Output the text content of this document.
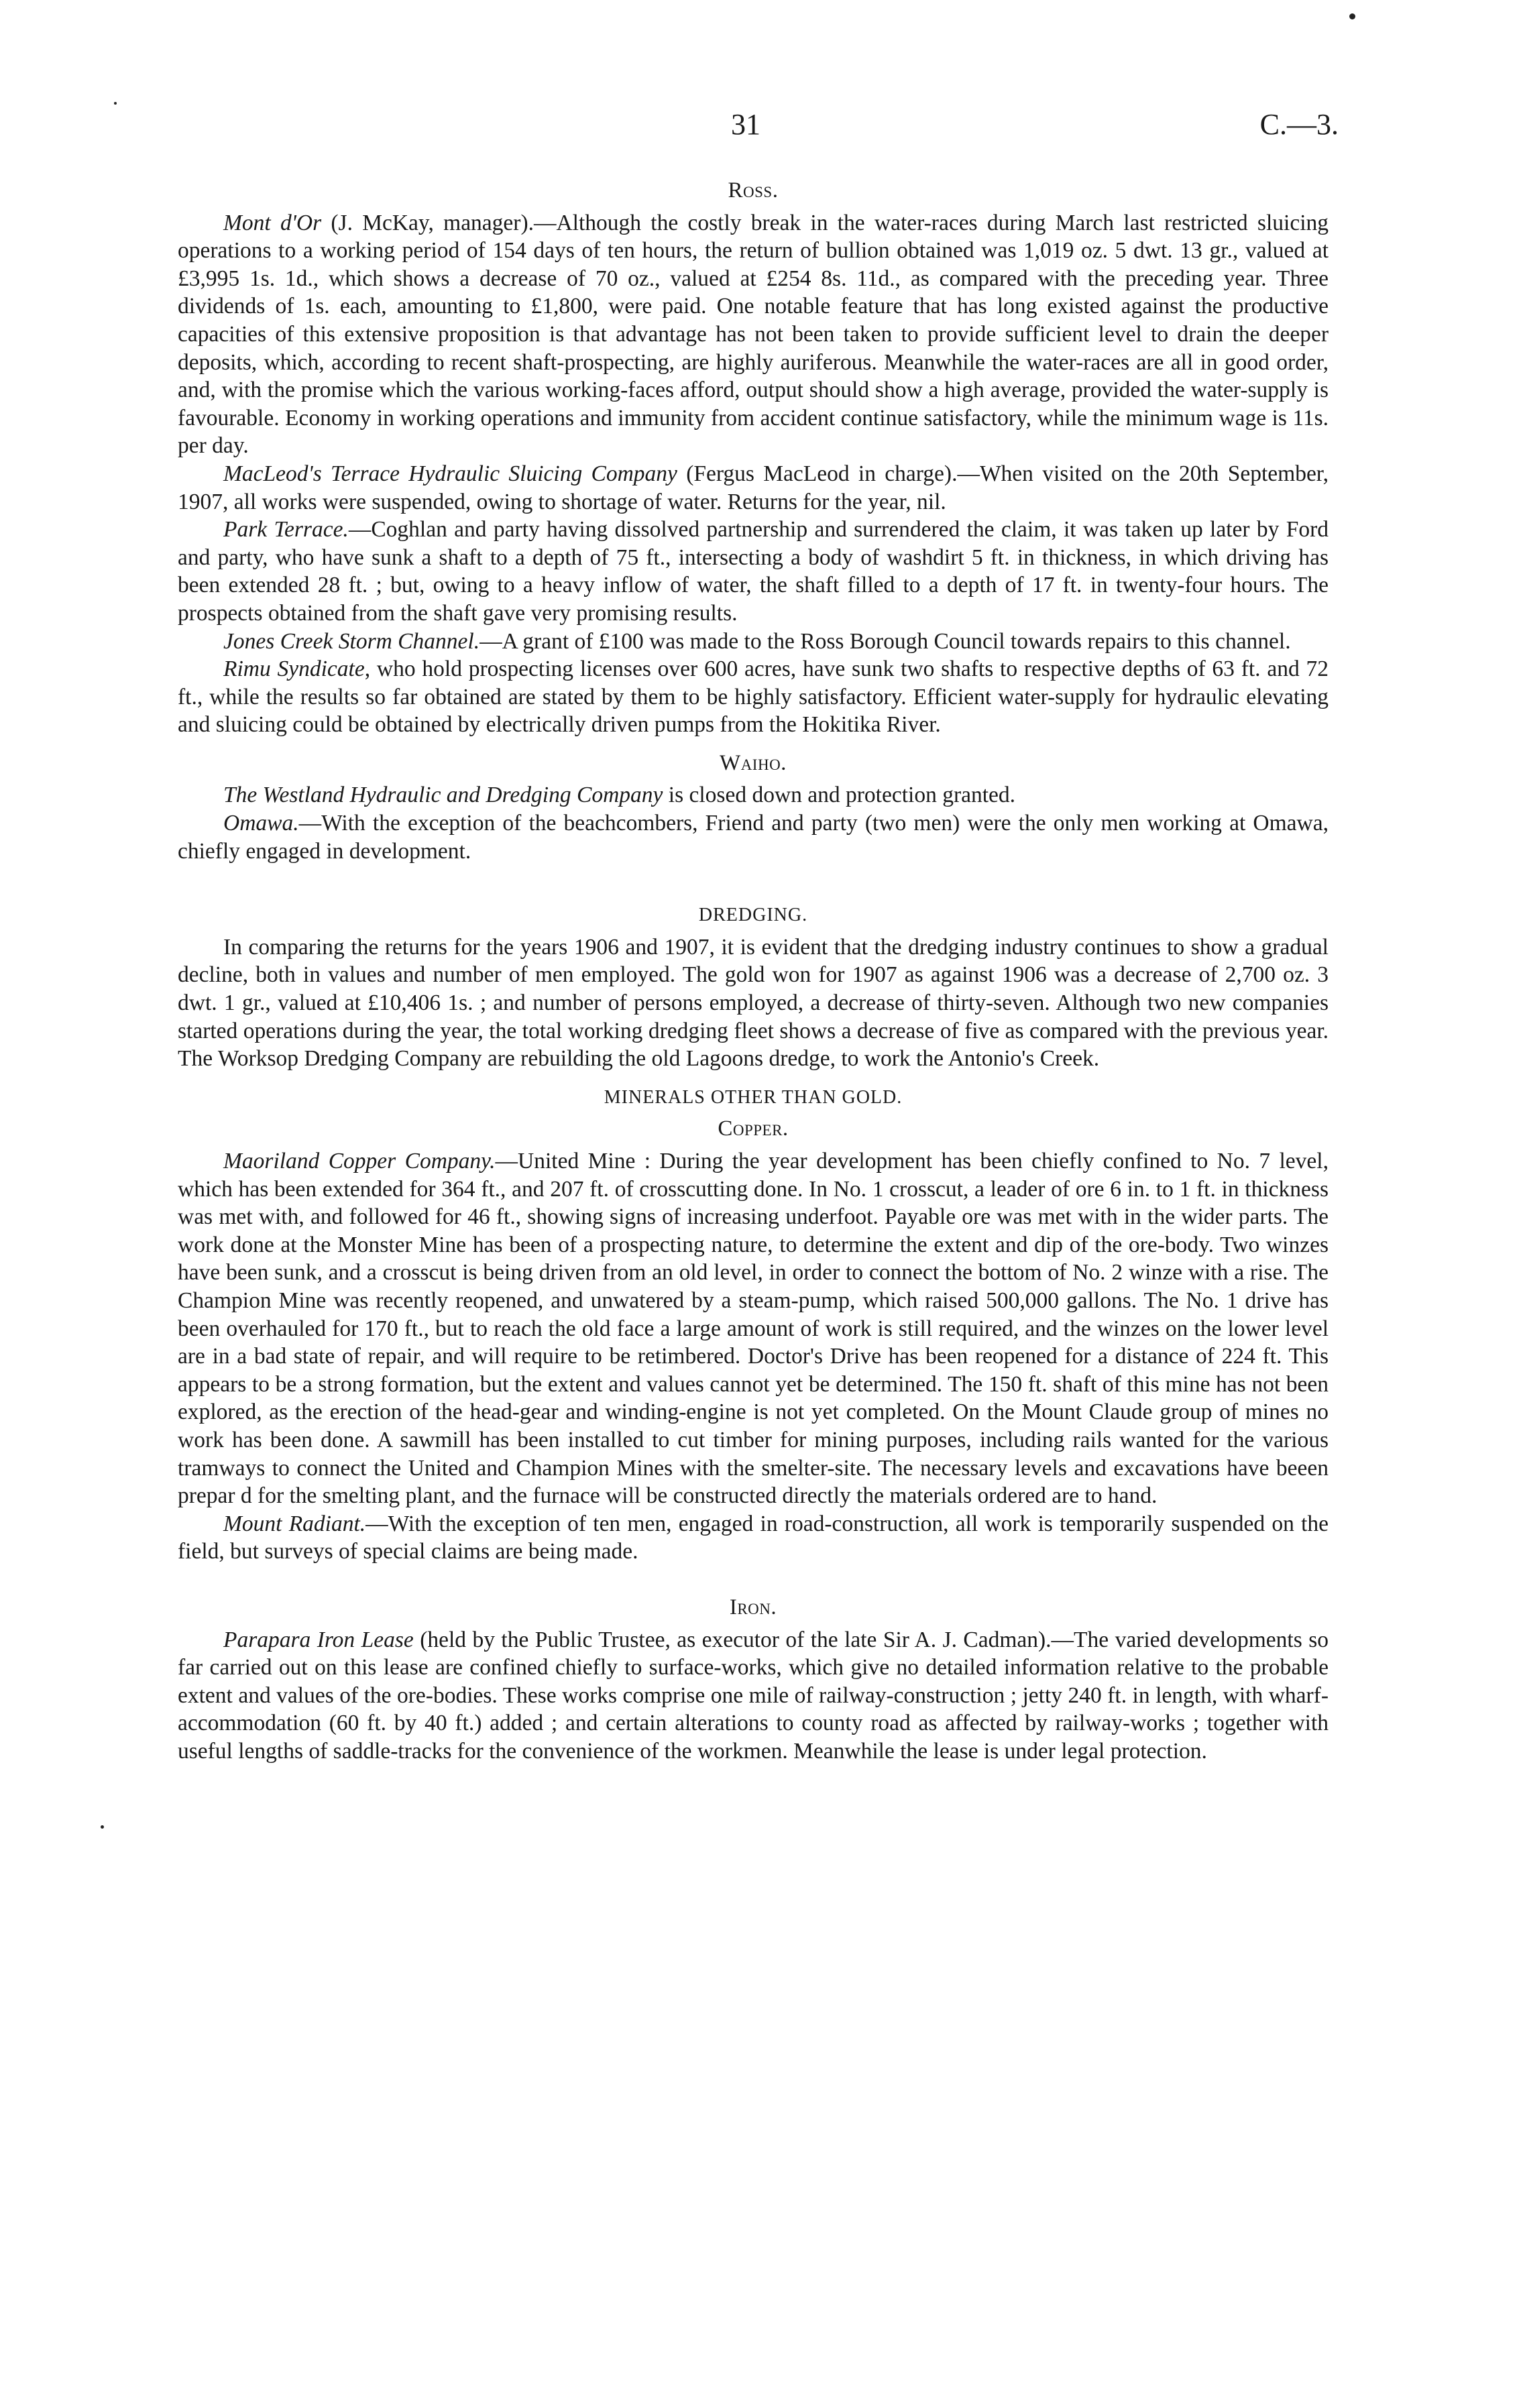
31	C.—3.
Ross.

Mont d'Or (J. McKay, manager).—Although the costly break in the water-races during March last restricted sluicing operations to a working period of 154 days of ten hours, the return of bullion obtained was 1,019 oz. 5 dwt. 13 gr., valued at £3,995 1s. 1d., which shows a decrease of 70 oz., valued at £254 8s. 11d., as compared with the preceding year. Three dividends of 1s. each, amounting to £1,800, were paid. One notable feature that has long existed against the productive capacities of this extensive proposition is that advantage has not been taken to provide sufficient level to drain the deeper deposits, which, according to recent shaft-prospecting, are highly auriferous. Meanwhile the water-races are all in good order, and, with the promise which the various working-faces afford, output should show a high average, provided the water-supply is favourable. Economy in working operations and immunity from accident continue satisfactory, while the minimum wage is 11s. per day.

MacLeod's Terrace Hydraulic Sluicing Company (Fergus MacLeod in charge).—When visited on the 20th September, 1907, all works were suspended, owing to shortage of water. Returns for the year, nil.

Park Terrace.—Coghlan and party having dissolved partnership and surrendered the claim, it was taken up later by Ford and party, who have sunk a shaft to a depth of 75 ft., intersecting a body of washdirt 5 ft. in thickness, in which driving has been extended 28 ft. ; but, owing to a heavy inflow of water, the shaft filled to a depth of 17 ft. in twenty-four hours. The prospects obtained from the shaft gave very promising results.

Jones Creek Storm Channel.—A grant of £100 was made to the Ross Borough Council towards repairs to this channel.

Rimu Syndicate, who hold prospecting licenses over 600 acres, have sunk two shafts to respective depths of 63 ft. and 72 ft., while the results so far obtained are stated by them to be highly satisfactory. Efficient water-supply for hydraulic elevating and sluicing could be obtained by electrically driven pumps from the Hokitika River.

Waiho.

The Westland Hydraulic and Dredging Company is closed down and protection granted.

Omawa.—With the exception of the beachcombers, Friend and party (two men) were the only men working at Omawa, chiefly engaged in development.

DREDGING.

In comparing the returns for the years 1906 and 1907, it is evident that the dredging industry continues to show a gradual decline, both in values and number of men employed. The gold won for 1907 as against 1906 was a decrease of 2,700 oz. 3 dwt. 1 gr., valued at £10,406 1s. ; and number of persons employed, a decrease of thirty-seven. Although two new companies started operations during the year, the total working dredging fleet shows a decrease of five as compared with the previous year. The Worksop Dredging Company are rebuilding the old Lagoons dredge, to work the Antonio's Creek.

MINERALS OTHER THAN GOLD.
Copper.

Maoriland Copper Company.—United Mine : During the year development has been chiefly confined to No. 7 level, which has been extended for 364 ft., and 207 ft. of crosscutting done. In No. 1 crosscut, a leader of ore 6 in. to 1 ft. in thickness was met with, and followed for 46 ft., showing signs of increasing underfoot. Payable ore was met with in the wider parts. The work done at the Monster Mine has been of a prospecting nature, to determine the extent and dip of the ore-body. Two winzes have been sunk, and a crosscut is being driven from an old level, in order to connect the bottom of No. 2 winze with a rise. The Champion Mine was recently reopened, and unwatered by a steam-pump, which raised 500,000 gallons. The No. 1 drive has been overhauled for 170 ft., but to reach the old face a large amount of work is still required, and the winzes on the lower level are in a bad state of repair, and will require to be retimbered. Doctor's Drive has been reopened for a distance of 224 ft. This appears to be a strong formation, but the extent and values cannot yet be determined. The 150 ft. shaft of this mine has not been explored, as the erection of the head-gear and winding-engine is not yet completed. On the Mount Claude group of mines no work has been done. A sawmill has been installed to cut timber for mining purposes, including rails wanted for the various tramways to connect the United and Champion Mines with the smelter-site. The necessary levels and excavations have beeen prepar d for the smelting plant, and the furnace will be constructed directly the materials ordered are to hand.

Mount Radiant.—With the exception of ten men, engaged in road-construction, all work is temporarily suspended on the field, but surveys of special claims are being made.

Iron.

Parapara Iron Lease (held by the Public Trustee, as executor of the late Sir A. J. Cadman).—The varied developments so far carried out on this lease are confined chiefly to surface-works, which give no detailed information relative to the probable extent and values of the ore-bodies. These works comprise one mile of railway-construction ; jetty 240 ft. in length, with wharf-accommodation (60 ft. by 40 ft.) added ; and certain alterations to county road as affected by railway-works ; together with useful lengths of saddle-tracks for the convenience of the workmen. Meanwhile the lease is under legal protection.
